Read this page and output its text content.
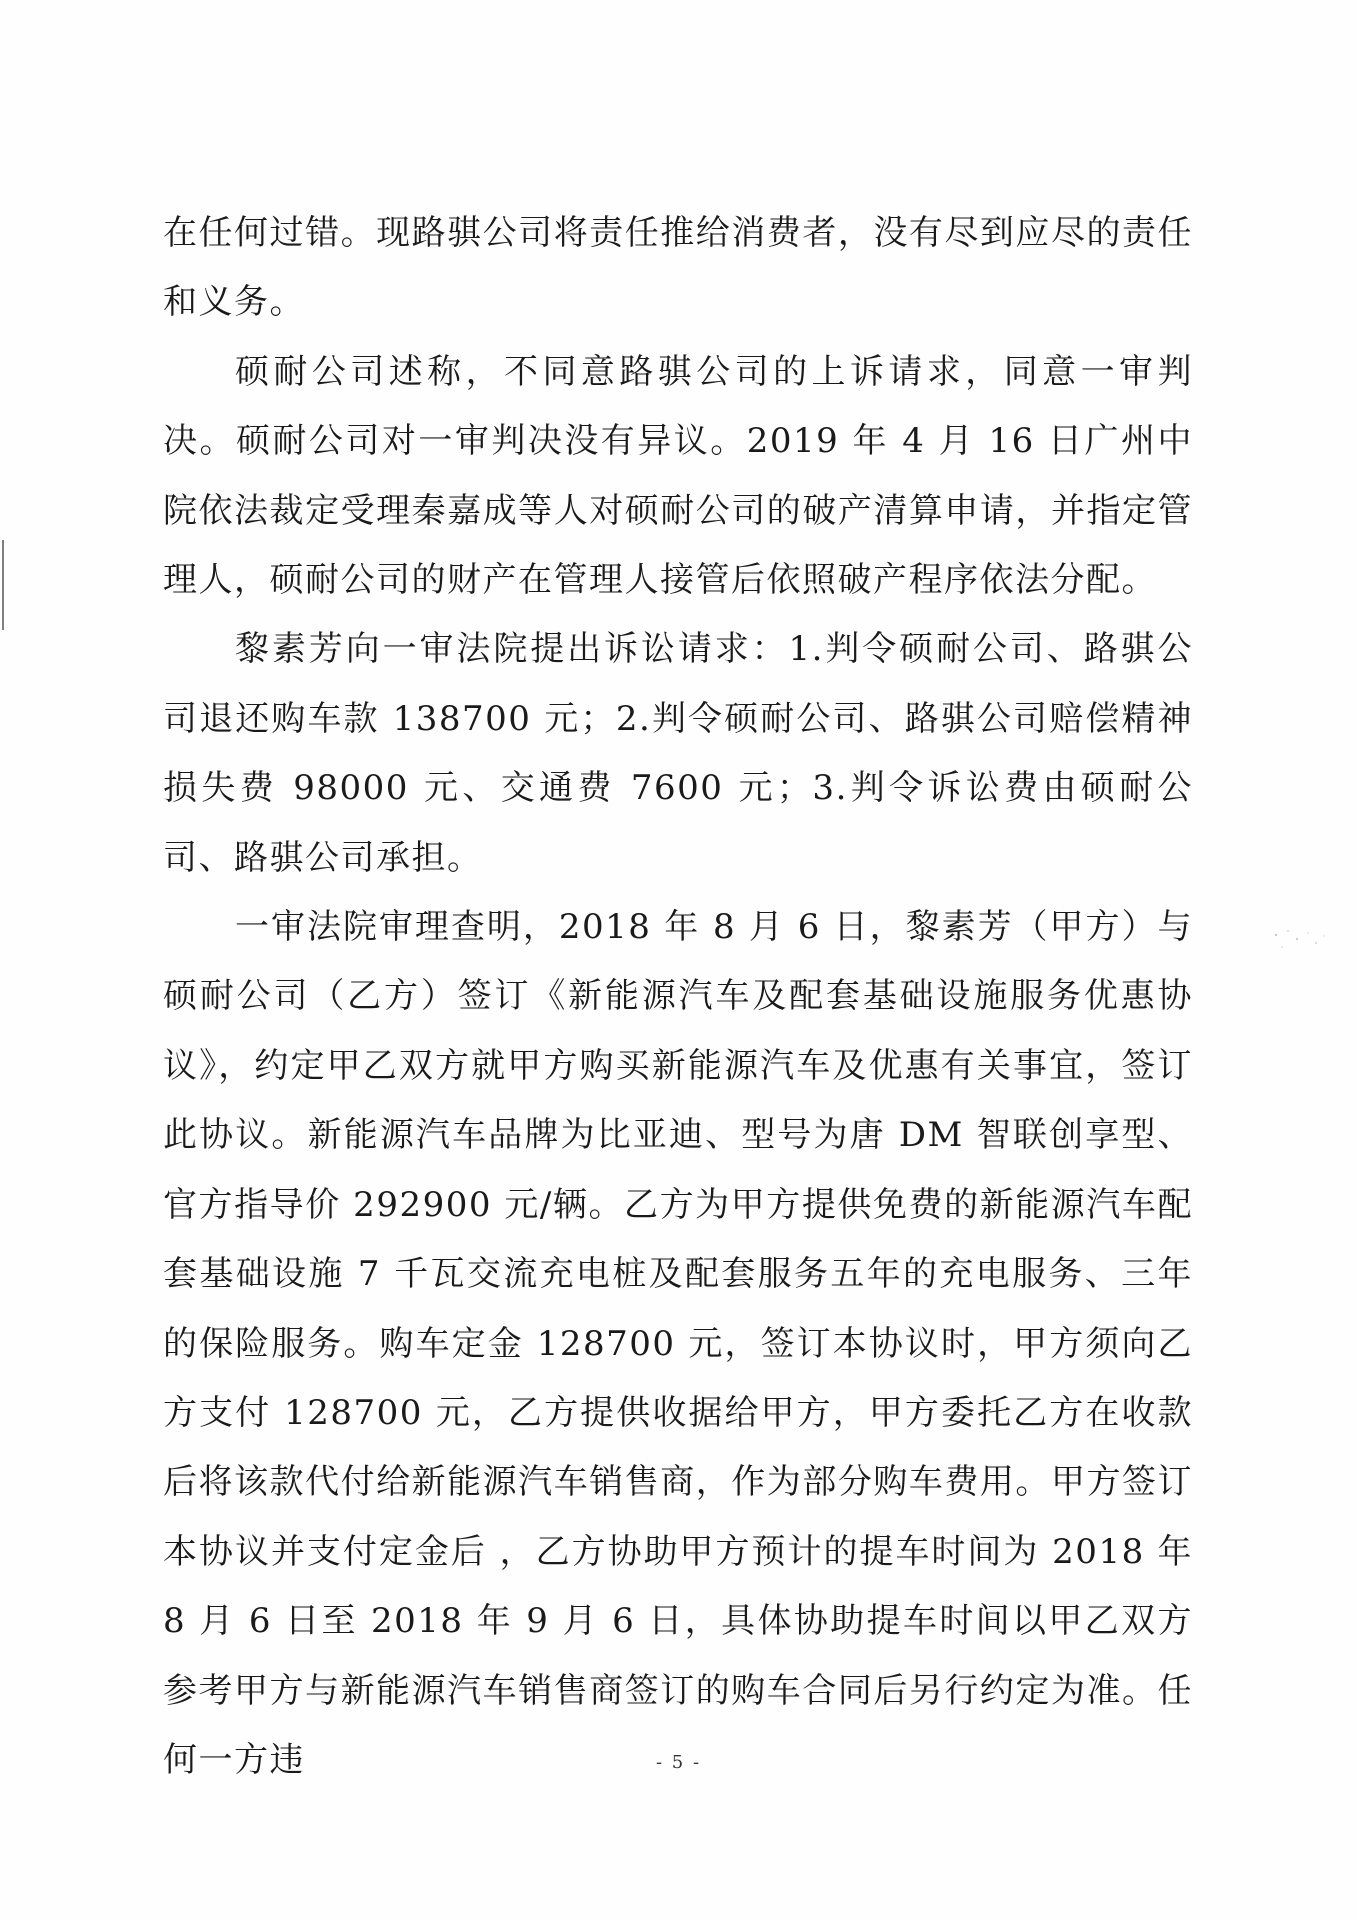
在任何过错。现路骐公司将责任推给消费者，没有尽到应尽的责任和义务。

硕耐公司述称，不同意路骐公司的上诉请求，同意一审判决。硕耐公司对一审判决没有异议。2019 年 4 月 16 日广州中院依法裁定受理秦嘉成等人对硕耐公司的破产清算申请，并指定管理人，硕耐公司的财产在管理人接管后依照破产程序依法分配。

黎素芳向一审法院提出诉讼请求：1.判令硕耐公司、路骐公司退还购车款 138700 元；2.判令硕耐公司、路骐公司赔偿精神损失费 98000 元、交通费 7600 元；3.判令诉讼费由硕耐公司、路骐公司承担。

一审法院审理查明，2018 年 8 月 6 日，黎素芳（甲方）与硕耐公司（乙方）签订《新能源汽车及配套基础设施服务优惠协议》，约定甲乙双方就甲方购买新能源汽车及优惠有关事宜，签订此协议。新能源汽车品牌为比亚迪、型号为唐 DM 智联创享型、官方指导价 292900 元/辆。乙方为甲方提供免费的新能源汽车配套基础设施 7 千瓦交流充电桩及配套服务五年的充电服务、三年的保险服务。购车定金 128700 元，签订本协议时，甲方须向乙方支付 128700 元，乙方提供收据给甲方，甲方委托乙方在收款后将该款代付给新能源汽车销售商，作为部分购车费用。甲方签订本协议并支付定金后 ，乙方协助甲方预计的提车时间为 2018 年 8 月 6 日至 2018 年 9 月 6 日，具体协助提车时间以甲乙双方参考甲方与新能源汽车销售商签订的购车合同后另行约定为准。任何一方违	- 5 -
